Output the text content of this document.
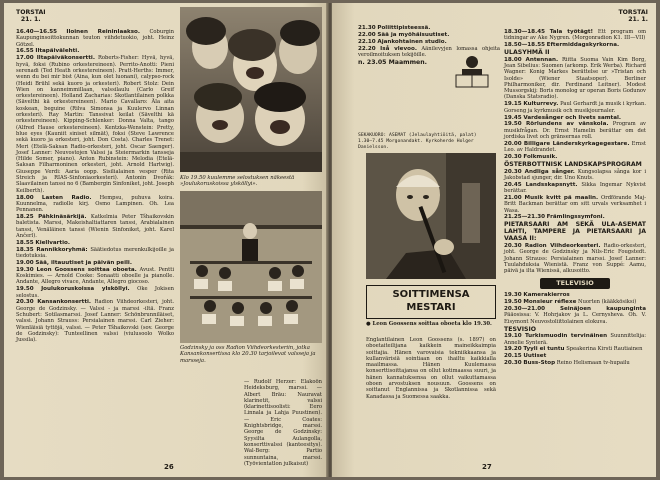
TORSTAI
21. 1.

16.40—16.55 Iloinen Reininlaakso. Coburgin Kaupunginsoittokunnan teuton viihdetuokio, joht. Heinz Götzel.

16.55 Iltapäivälehti.

17.00 Iltapäiväkonsertti. Roberts-Fisher: Hyvä, hyvä, hyvä, foksi (Rubino orkestereineen). Perrito-Anotti: Pieni serenadi (Ted Heath orkestereineen). Pratt-Herths: Immer, wenn du bei mir bist (Aina, kun olet luonani), calypso-rock (Heidi Brühl sekä kuoro ja orkesteri). Robert Stolz: Dein Wien on kanneimmillaan, valssilaulu (Carlo Greif orkestereineen). Holland Zacharias: Skotlantilainen polkka (Sävelthi kä orkestereineen). Mario Cavallaro: Äla aita koskean, beguine (Rilva Simonsa ja Kuulervo Linnan orkesteri). Ray Martin: Tanssivat keilat (Sävelthi kä orkestereineen). Kipping-Schlenker: Donna Valta, tango (Alfred Hause orkestereineen). Kentzka-Wenstein: Pretty, blue eyes (Kauniit siniset silmät), foksi (Steve Lawrence sekä kuoro ja orkesteri, joht. Don Costa). Charles Trenet: Meri (Etelä-Saksan Radio-orkesteri, joht. Oscar Saenger). Josef Lanner: Neuvostojen Valssi ja Steiermarkin tansseja (Hilde Somer, piano). Anton Rubinstein: Melodia (Etelä-Saksan Filharmoninen orkesteri, joht. Arnold Hartwig). Giuseppe Verdi: Aaria oopp. Sisilialainen vesper (Rita Streich ja RIAS-Sinfoniaorkesteri). Antonin Dvořák: Slaavilainen tanssi no 6 (Bambergin Sinfoniket, joht. Joseph Keilberth).

18.00 Lasten Radio. Hempsu, puhuva koira. Kuunnelma, radiolle kirj. Osmo Lampinen. Oh. Lea Pennanen.

18.25 Pähkinäsärkijä. Katkelmia Peter Tšhaikovskin baletista. Marssi, Makeishaltiattaren tanssi, Arabialainen tanssi, Venäläinen tanssi (Wienin Sinfoniket, joht. Karel Ančerl).

18.55 Kiellvartio.

18.35 Rannikkoryhmä: Säätiedotus merenkulkijoille ja tiedotuksia.

19.00 Sää, iltauutiset ja päivän peili.

19.30 Leon Goossens soittaa oboeta. Avust. Pentti Koskimies. — Arnold Cooke: Sonaatti oboelle ja pianolle. Andante, Allegro vivace, Andante, Allegro giocoso.

19.50 Joulukoruskoissa ylsköllyi. Oke Jokisen selostus.

20.30 Kansankonsertti. Radion Viihdeorkesteri, joht. George de Godzinsky. — Valssi - ja marssi -iltä. Franz Schubert: Sotilasmarssi. Josef Lanner: Schönbrunniläiset, valssi. Johann Strauss: Persialainen marssi. Carl Zieher: Wienläisiä tyttöjä, valssi. — Peter Tšhaikovski (sov. George de Godzinsky): Tunteellinen valssi (viulusoolo Wolko Jussila).

Klo 19.50 kuulemme selostuksen näkeestä »Joulukoruskoissa ylsköllyi».
Godzinsky ja oss Radion Viihdeorkesteriin, jotka Kansankonsertissa klo 20.30 tarjoilevat valsseja ja marsseja.

— Rudolf Herzer: Elakoön Heideksburg, marssi. — Albert Bräu: Nauravat klarinetit, valssi (klarinettisoolisti: Eero Linnala ja Lahja Puustinen). — Eric Coates: Knightsbridge, marssi. George de Godzinsky: Syysilta Aulangolla, konserttivalssi (kanteesitys). Wal-Berg: Partio sunnuntaina, marssi. (Työvientatlon julkaisut)

26
TORSTAI
21. 1.

21.30 Poliittipisteessä.

22.00 Sää ja myöhäisuutiset.

22.10 Ajankohtainen studio.

22.20 Iså vlevoo. Aänilevyjen lomassa ohjeita veroilmoituksen tekijöille.

n. 23.05 Maammen.

SEKAKUORO: ASEMAT (Jelaulayhtiöitä, palat)
1.30—7.45 Morgonandakt. Kyrkoherde Holger Danielsson.
SOITTIMENSA
MESTARI
● Leon Goossens soittaa oboeta klo 19.30.

Englantilainen Leon Goossens (s. 1897) on oboetaiteilijana kaikkein maineikkaimpia soittajia. Hänen varovaisia tekniikkaansa ja kullanvärisiä sointiaan on ihailtu kaikkialla maailmassa. Hänen Kuulemassa konserttisoittajansa on ollut kotimaassa suuri, ja hänen kannatuksensa on ollut vaikuttamassa oboen arvostuksen nousuun. Goossens on soittanut Englannissa ja Skotlannissa sekä Kanadassa ja Suomessa saakka.

18.30—18.45 Tala työtägt! Ett program om tidningar av Ake Nygren. (Morgonradion K1. III—VII)

18.50—18.55 Eftermiddagskyrkorna.

ULASYHMÄ II

18.00 Antennan. Riitta Suoma Vain Kim Borg, Jean Sibelius: Suomen (arkomp. Erik Werba). Richard Wagner: Konig Markes berättelse ur »Tristan och Isolde» (Wiener Staatsoper). Berliner Philharmoniker, dir. Ferdinand Leitner). Modest Mussorgskij: Boris monolog ur operan Boris Godunov (Danska Statsradio).

19.15 Kulturrevy. Paul Gerhardt ja musik i kyrkan. Gorseng ja kyrkmusik och musikjournaler.

19.45 Vardesånger och livets samtal.

19.50 Rörlundens av vänskola. Program av musikfrågan. Dr. Ernst Hamelin berättar om det jordiska livet och gränsernas roll.

20.00 Billigare Länderskyrkagegestare. Ernst Leo. av Haldrandet.

20.30 Folkmusik.

ÖSTERBOTTNISK LANDSKAPSPROGRAM

20.30 Andliga sånger. Kungsolapsa sånga kor i Jakobstad sjunger, dir. Uno Knuts.

20.45 Landsskapsnytt. Sikka Ingemar Nykvist berättar.

21.00 Musik kvitt pä maalin. Ordförande Maj-Britt Backman berättar om sitt urvals verksamhet i Wasa.

21.25—21.30 Främlingssymfoni.

PIETARSAARI AM SEKÄ ULA-ASEMAT LAHTI, TAMPERE JA PIETARSAARI JA VAASA II:

20.30 Radion Viihdeorkesteri. Radio-orkesteri, joht. George de Godzinsky ja Nils-Eric Fougstedt. Johann Strauss: Persialainen marssi. Josef Lanner: Tuulahduksia Wienistä. Franz von Suppé: Aamu, päivä ja ilta Wienissä, alkusoitto.

TELEVISIO

19.30 Kamerakierros

19.50 Monsieur réflexe Nuorten (kääkkösiksi)

20.30—21.00	Seinäjoen kaupunginta Pääosissa: V. Hohrjakov ja L. Cernysheva. Oh. V. Eisymont Neuvostoliittolainen elokuva.

TESVISIO

19.10 Turkismuodin tervinäinen Suunnittelija: Annelie Synterä.

19.20 Tyyli ei tuntu Speakerina Kirsti Rautiainen

20.15 Uutiset

20.30 Buss-Stop Reino Helismaan tv-hupailu

27
